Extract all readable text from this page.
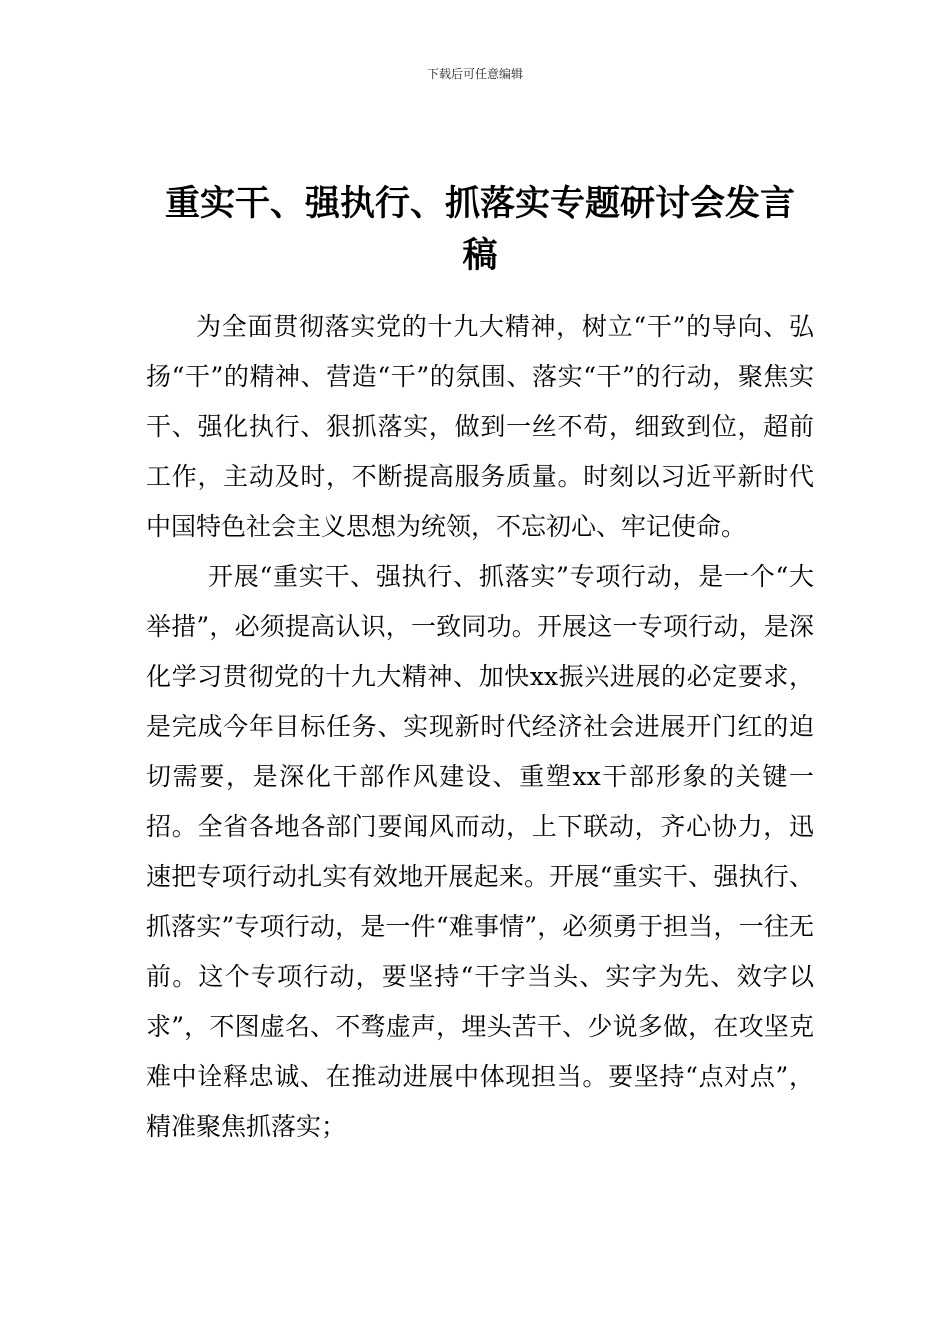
下载后可任意编辑
重实干、强执行、抓落实专题研讨会发言稿

为全面贯彻落实党的十九大精神，树立“干”的导向、弘扬“干”的精神、营造“干”的氛围、落实“干”的行动，聚焦实干、强化执行、狠抓落实，做到一丝不苟，细致到位，超前工作，主动及时，不断提高服务质量。时刻以习近平新时代中国特色社会主义思想为统领，不忘初心、牢记使命。

开展“重实干、强执行、抓落实”专项行动，是一个“大举措”，必须提高认识，一致同功。开展这一专项行动，是深化学习贯彻党的十九大精神、加快xx振兴进展的必定要求，是完成今年目标任务、实现新时代经济社会进展开门红的迫切需要，是深化干部作风建设、重塑xx干部形象的关键一招。全省各地各部门要闻风而动，上下联动，齐心协力，迅速把专项行动扎实有效地开展起来。开展“重实干、强执行、抓落实”专项行动，是一件“难事情”，必须勇于担当，一往无前。这个专项行动，要坚持“干字当头、实字为先、效字以求”，不图虚名、不骛虚声，埋头苦干、少说多做，在攻坚克难中诠释忠诚、在推动进展中体现担当。要坚持“点对点”，精准聚焦抓落实；
